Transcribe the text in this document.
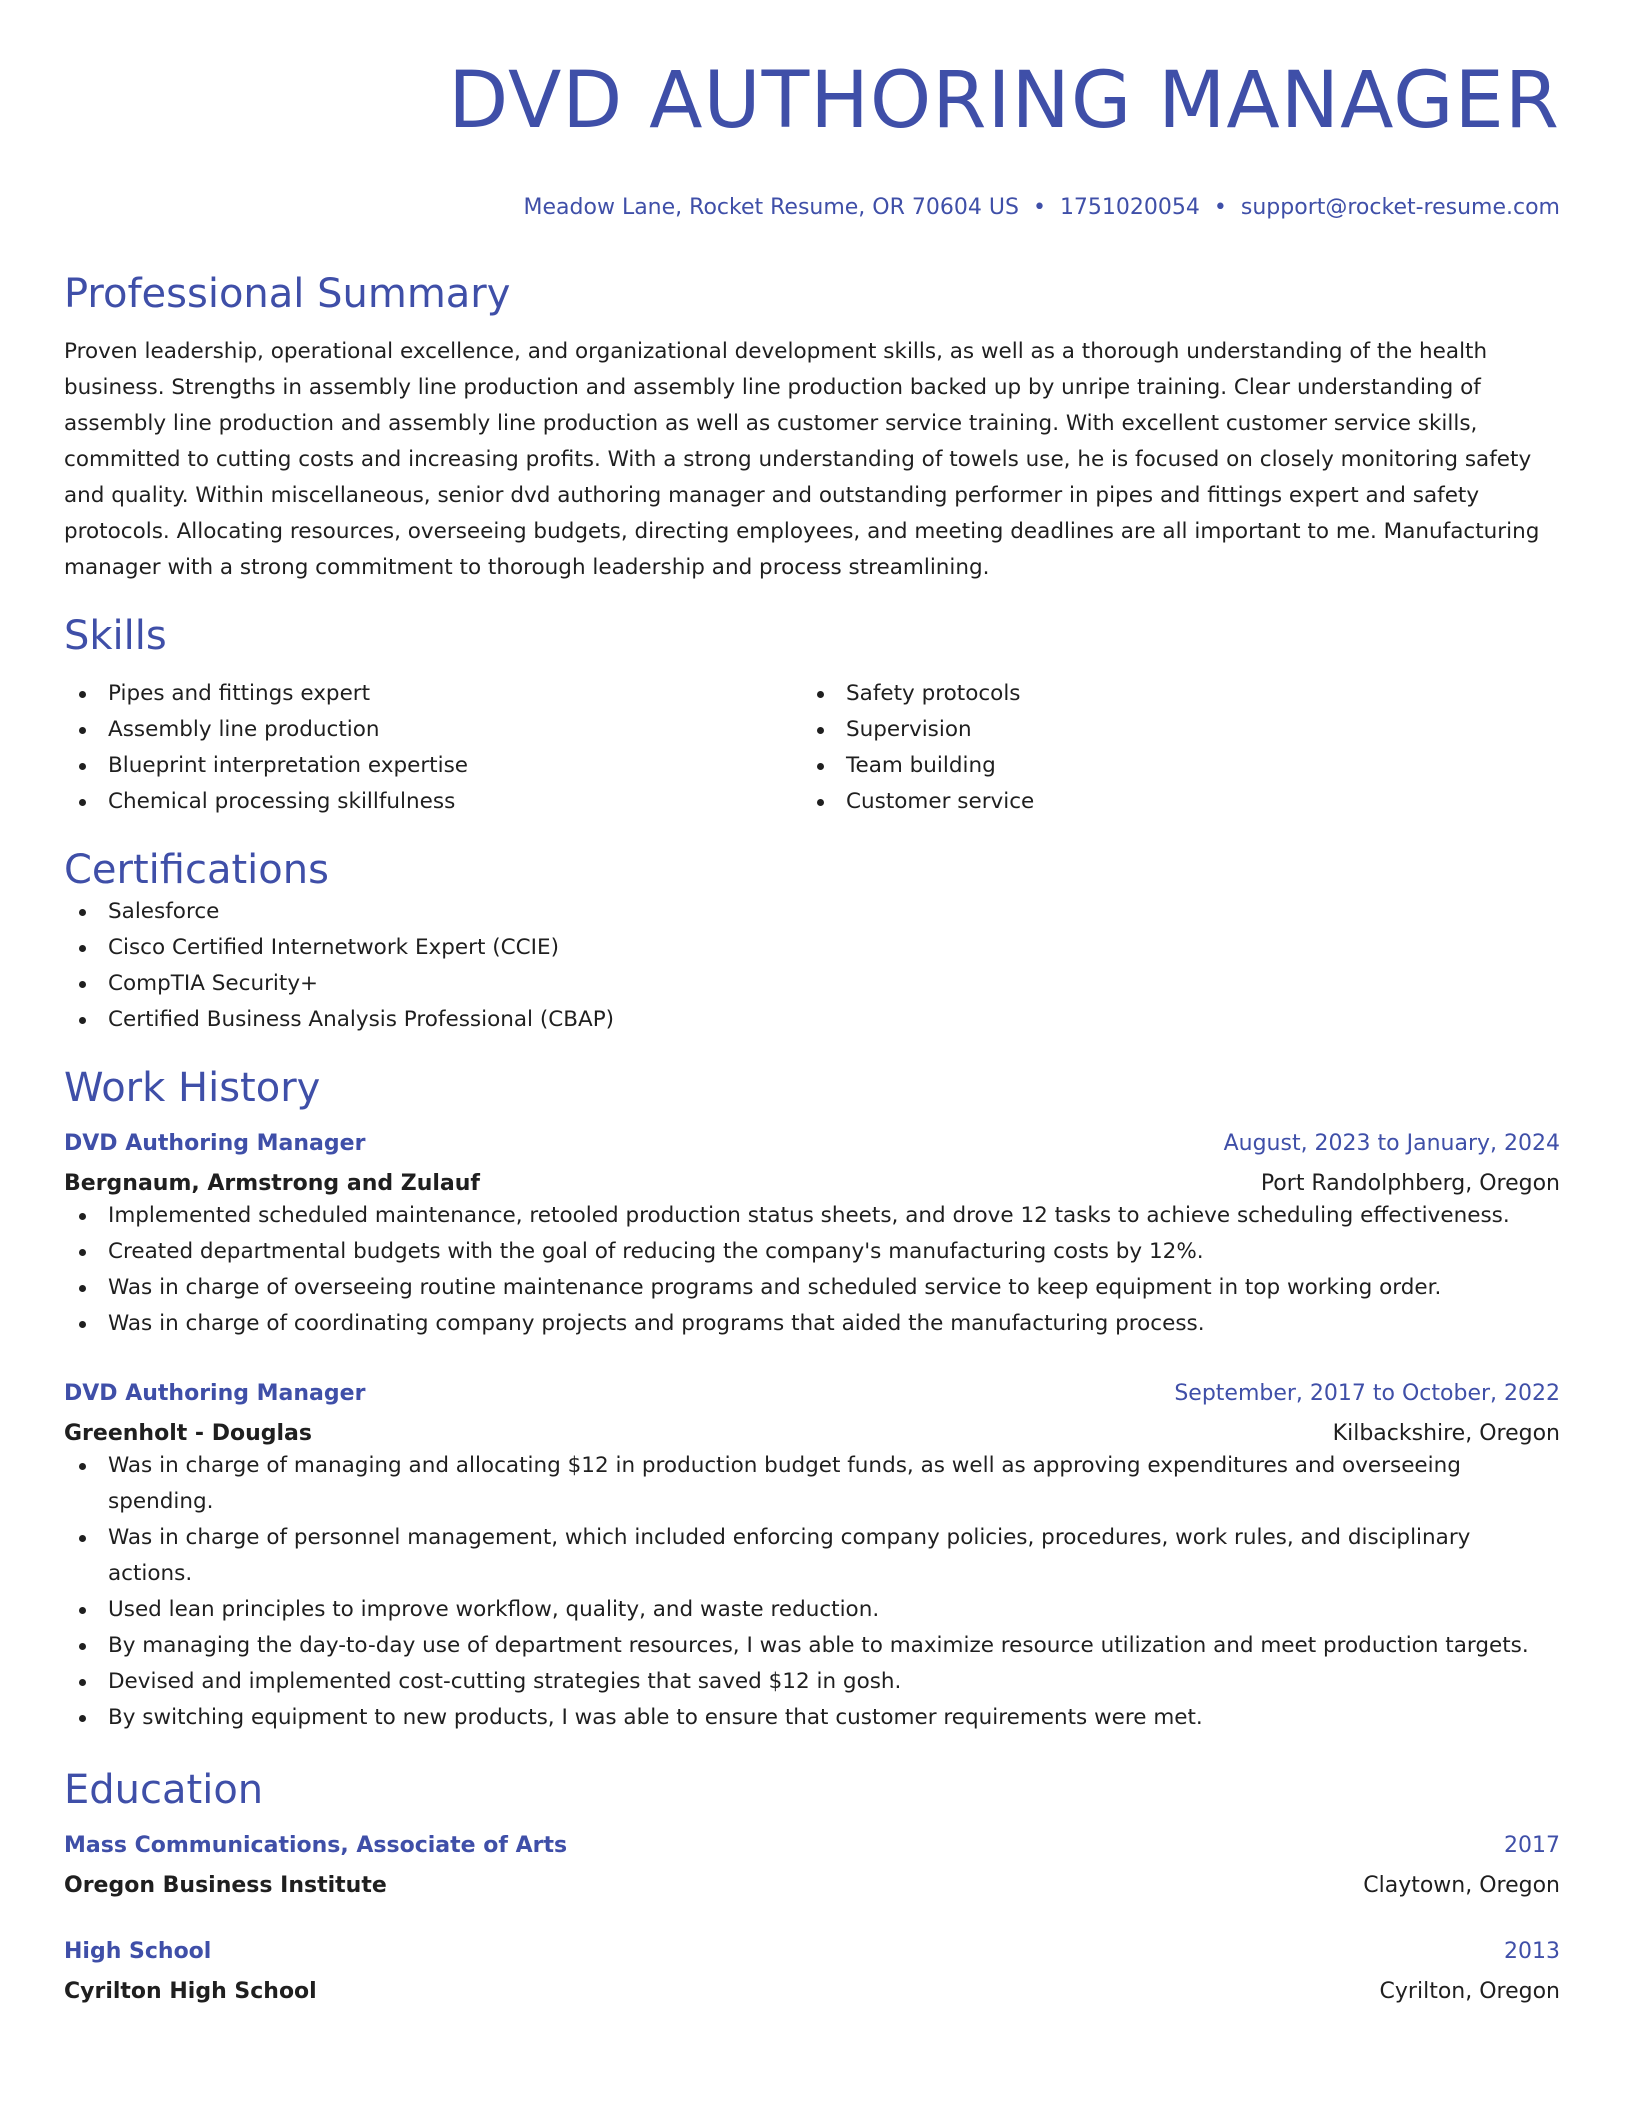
DVD AUTHORING MANAGER
Meadow Lane, Rocket Resume, OR 70604 US • 1751020054 • support@rocket-resume.com
Professional Summary

Proven leadership, operational excellence, and organizational development skills, as well as a thorough understanding of the health business. Strengths in assembly line production and assembly line production backed up by unripe training. Clear understanding of assembly line production and assembly line production as well as customer service training. With excellent customer service skills, committed to cutting costs and increasing profits. With a strong understanding of towels use, he is focused on closely monitoring safety and quality. Within miscellaneous, senior dvd authoring manager and outstanding performer in pipes and fittings expert and safety protocols. Allocating resources, overseeing budgets, directing employees, and meeting deadlines are all important to me. Manufacturing manager with a strong commitment to thorough leadership and process streamlining.

Skills
Pipes and fittings expert
Assembly line production
Blueprint interpretation expertise
Chemical processing skillfulness
Safety protocols
Supervision
Team building
Customer service
Certifications
Salesforce
Cisco Certified Internetwork Expert (CCIE)
CompTIA Security+
Certified Business Analysis Professional (CBAP)
Work History
DVD Authoring Manager	August, 2023 to January, 2024
Bergnaum, Armstrong and Zulauf	Port Randolphberg, Oregon
Implemented scheduled maintenance, retooled production status sheets, and drove 12 tasks to achieve scheduling effectiveness.
Created departmental budgets with the goal of reducing the company's manufacturing costs by 12%.
Was in charge of overseeing routine maintenance programs and scheduled service to keep equipment in top working order.
Was in charge of coordinating company projects and programs that aided the manufacturing process.
DVD Authoring Manager	September, 2017 to October, 2022
Greenholt - Douglas	Kilbackshire, Oregon
Was in charge of managing and allocating $12 in production budget funds, as well as approving expenditures and overseeing spending.
Was in charge of personnel management, which included enforcing company policies, procedures, work rules, and disciplinary actions.
Used lean principles to improve workflow, quality, and waste reduction.
By managing the day-to-day use of department resources, I was able to maximize resource utilization and meet production targets.
Devised and implemented cost-cutting strategies that saved $12 in gosh.
By switching equipment to new products, I was able to ensure that customer requirements were met.
Education
Mass Communications, Associate of Arts	2017
Oregon Business Institute	Claytown, Oregon
High School	2013
Cyrilton High School	Cyrilton, Oregon
